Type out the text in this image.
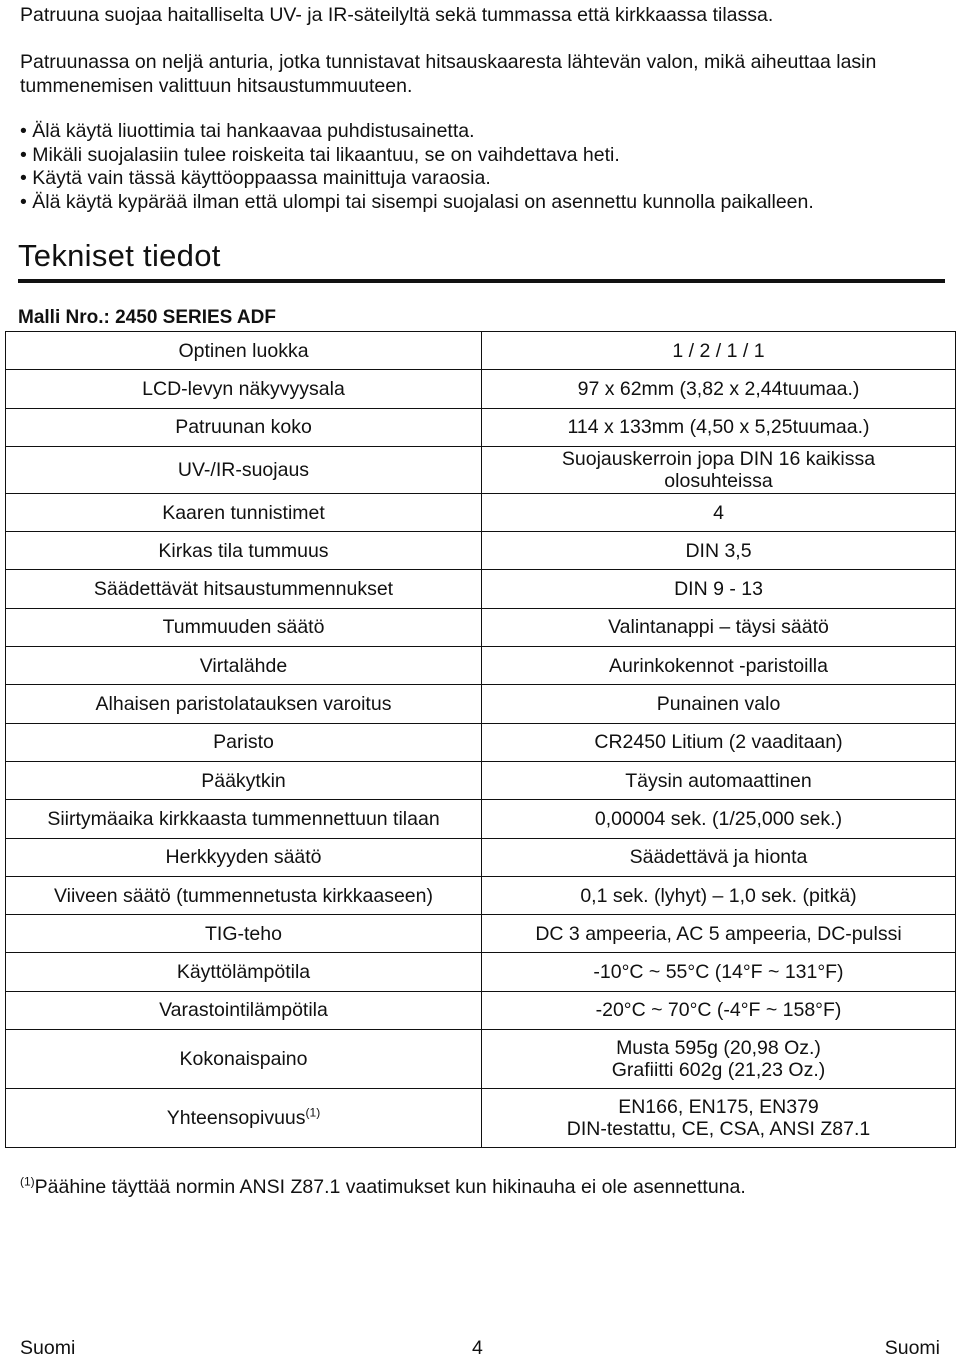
Patruuna suojaa haitalliselta UV- ja IR-säteilyltä sekä tummassa että kirkkaassa tilassa.

Patruunassa on neljä anturia, jotka tunnistavat hitsauskaaresta lähtevän valon, mikä aiheuttaa lasin tummenemisen valittuun hitsaustummuuteen.

• Älä käytä liuottimia tai hankaavaa puhdistusainetta.
• Mikäli suojalasiin tulee roiskeita tai likaantuu, se on vaihdettava heti.
• Käytä vain tässä käyttöoppaassa mainittuja varaosia.
• Älä käytä kypärää ilman että ulompi tai sisempi suojalasi on asennettu kunnolla paikalleen.
Tekniset tiedot

Malli Nro.: 2450 SERIES ADF

Optinen luokka	1 / 2 / 1 / 1
LCD-levyn näkyvyysala	97 x 62mm (3,82 x 2,44tuumaa.)
Patruunan koko	114 x 133mm (4,50 x 5,25tuumaa.)
UV-/IR-suojaus	Suojauskerroin jopa DIN 16 kaikissa
olosuhteissa
Kaaren tunnistimet	4
Kirkas tila tummuus	DIN 3,5
Säädettävät hitsaustummennukset	DIN 9 - 13
Tummuuden säätö	Valintanappi – täysi säätö
Virtalähde	Aurinkokennot -paristoilla
Alhaisen paristolatauksen varoitus	Punainen valo
Paristo	CR2450 Litium (2 vaaditaan)
Pääkytkin	Täysin automaattinen
Siirtymäaika kirkkaasta tummennettuun tilaan	0,00004 sek. (1/25,000 sek.)
Herkkyyden säätö	Säädettävä ja hionta
Viiveen säätö (tummennetusta kirkkaaseen)	0,1 sek. (lyhyt) – 1,0 sek. (pitkä)
TIG-teho	DC 3 ampeeria, AC 5 ampeeria, DC-pulssi
Käyttölämpötila	-10°C ~ 55°C (14°F ~ 131°F)
Varastointilämpötila	-20°C ~ 70°C (-4°F ~ 158°F)
Kokonaispaino	Musta 595g (20,98 Oz.)
Grafiitti 602g (21,23 Oz.)
Yhteensopivuus$^{(1)}$	EN166, EN175, EN379
DIN-testattu, CE, CSA, ANSI Z87.1

$^{(1)}$Päähine täyttää normin ANSI Z87.1 vaatimukset kun hikinauha ei ole asennettuna.

Suomi	4	Suomi
